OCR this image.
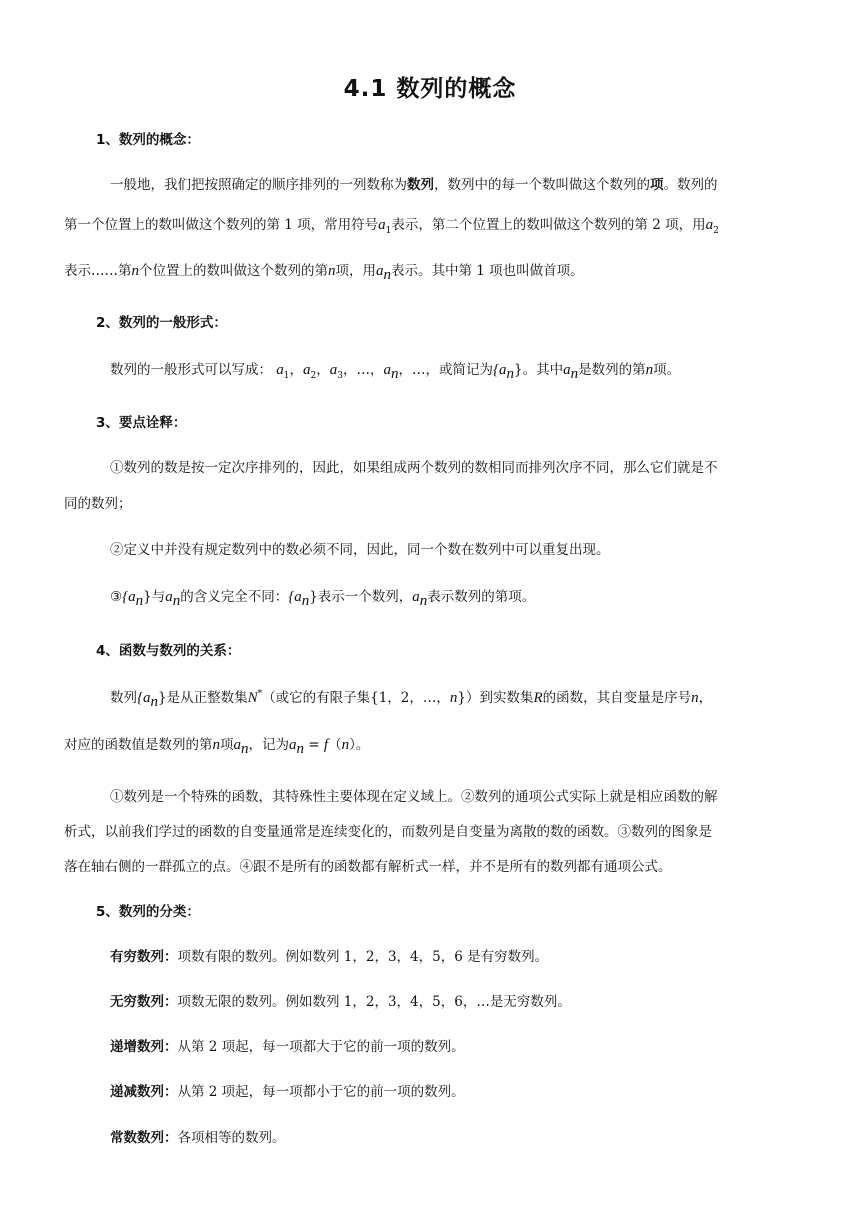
4.1 数列的概念
1、数列的概念：
一般地，我们把按照确定的顺序排列的一列数称为数列，数列中的每一个数叫做这个数列的项。数列的
第一个位置上的数叫做这个数列的第 1 项，常用符号$a_1$表示，第二个位置上的数叫做这个数列的第 2 项，用$a_2$
表示……第n个位置上的数叫做这个数列的第n项，用$a_n$表示。其中第 1 项也叫做首项。
2、数列的一般形式：
数列的一般形式可以写成： $a_1$，$a_2$，$a_3$，…，$a_n$，…，或简记为$\{a_n\}$。其中$a_n$是数列的第n项。
3、要点诠释：
①数列的数是按一定次序排列的，因此，如果组成两个数列的数相同而排列次序不同，那么它们就是不
同的数列；
②定义中并没有规定数列中的数必须不同，因此，同一个数在数列中可以重复出现。
$③\{a_n\}$与$a_n$的含义完全不同：$\{a_n\}$表示一个数列，$a_n$表示数列的第项。
4、函数与数列的关系：
数列$\{a_n\}$是从正整数集N*（或它的有限子集{1，2，…，n}）到实数集R的函数，其自变量是序号n，
对应的函数值是数列的第n项$a_n$，记为$a_n = f(n)$。
①数列是一个特殊的函数，其特殊性主要体现在定义域上。②数列的通项公式实际上就是相应函数的解
析式，以前我们学过的函数的自变量通常是连续变化的，而数列是自变量为离散的数的函数。③数列的图象是
落在轴右侧的一群孤立的点。④跟不是所有的函数都有解析式一样，并不是所有的数列都有通项公式。
5、数列的分类：
有穷数列：项数有限的数列。例如数列 1，2，3，4，5，6 是有穷数列。
无穷数列：项数无限的数列。例如数列 1，2，3，4，5，6，…是无穷数列。
递增数列：从第 2 项起，每一项都大于它的前一项的数列。
递减数列：从第 2 项起，每一项都小于它的前一项的数列。
常数数列：各项相等的数列。
